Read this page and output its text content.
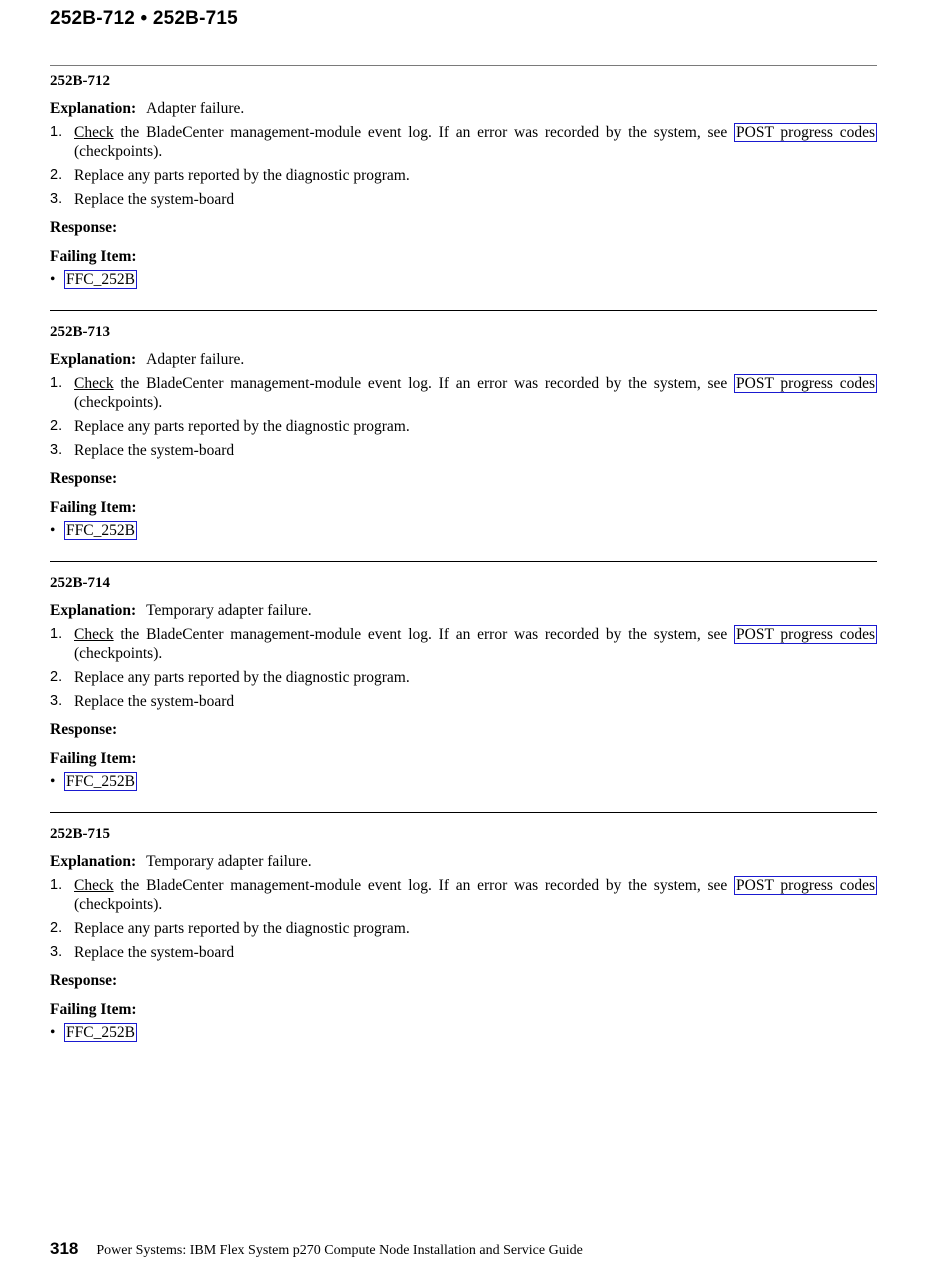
252B-712 • 252B-715

252B-712

Explanation: Adapter failure.

1. Check the BladeCenter management-module event log. If an error was recorded by the system, see POST progress codes (checkpoints).
2. Replace any parts reported by the diagnostic program.
3. Replace the system-board

Response:

Failing Item:

• FFC_252B

252B-713

Explanation: Adapter failure.

1. Check the BladeCenter management-module event log. If an error was recorded by the system, see POST progress codes (checkpoints).
2. Replace any parts reported by the diagnostic program.
3. Replace the system-board

Response:

Failing Item:

• FFC_252B

252B-714

Explanation: Temporary adapter failure.

1. Check the BladeCenter management-module event log. If an error was recorded by the system, see POST progress codes (checkpoints).
2. Replace any parts reported by the diagnostic program.
3. Replace the system-board

Response:

Failing Item:

• FFC_252B

252B-715

Explanation: Temporary adapter failure.

1. Check the BladeCenter management-module event log. If an error was recorded by the system, see POST progress codes (checkpoints).
2. Replace any parts reported by the diagnostic program.
3. Replace the system-board

Response:

Failing Item:

• FFC_252B
318 Power Systems: IBM Flex System p270 Compute Node Installation and Service Guide
